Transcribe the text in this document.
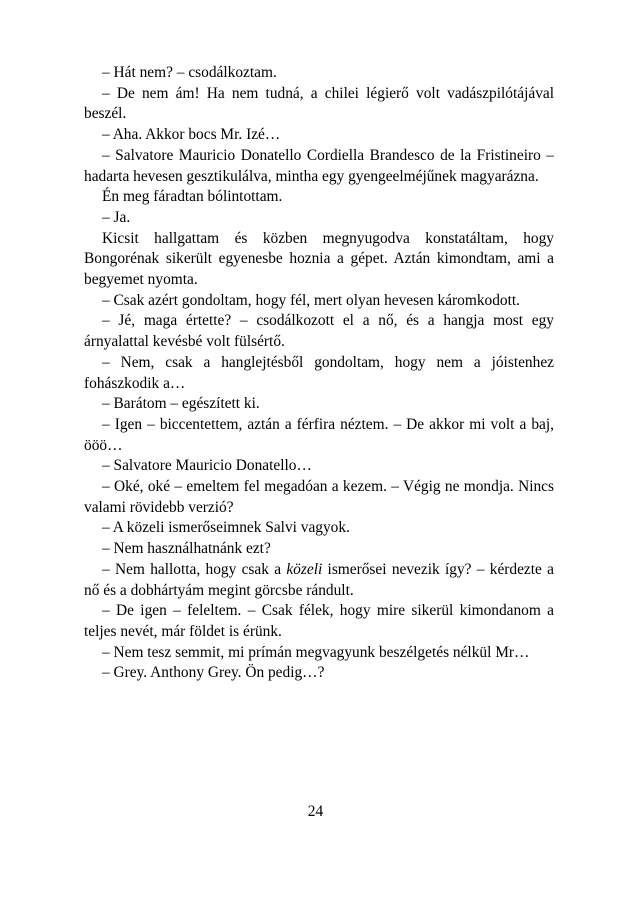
– Hát nem? – csodálkoztam.

– De nem ám! Ha nem tudná, a chilei légierő volt vadászpilótájával beszél.

– Aha. Akkor bocs Mr. Izé…

– Salvatore Mauricio Donatello Cordiella Brandesco de la Fristineiro – hadarta hevesen gesztikulálva, mintha egy gyengeelméjűnek magyarázna.

Én meg fáradtan bólintottam.

– Ja.

Kicsit hallgattam és közben megnyugodva konstatáltam, hogy Bongorénak sikerült egyenesbe hoznia a gépet. Aztán kimondtam, ami a begyemet nyomta.

– Csak azért gondoltam, hogy fél, mert olyan hevesen káromkodott.

– Jé, maga értette? – csodálkozott el a nő, és a hangja most egy árnyalattal kevésbé volt fülsértő.

– Nem, csak a hanglejtésből gondoltam, hogy nem a jóistenhez fohászkodik a…

– Barátom – egészített ki.

– Igen – biccentettem, aztán a férfira néztem. – De akkor mi volt a baj, ööö…

– Salvatore Mauricio Donatello…

– Oké, oké – emeltem fel megadóan a kezem. – Végig ne mondja. Nincs valami rövidebb verzió?

– A közeli ismerőseimnek Salvi vagyok.

– Nem használhatnánk ezt?

– Nem hallotta, hogy csak a közeli ismerősei nevezik így? – kérdezte a nő és a dobhártyám megint görcsbe rándult.

– De igen – feleltem. – Csak félek, hogy mire sikerül kimondanom a teljes nevét, már földet is érünk.

– Nem tesz semmit, mi prímán megvagyunk beszélgetés nélkül Mr…

– Grey. Anthony Grey. Ön pedig…?

24
